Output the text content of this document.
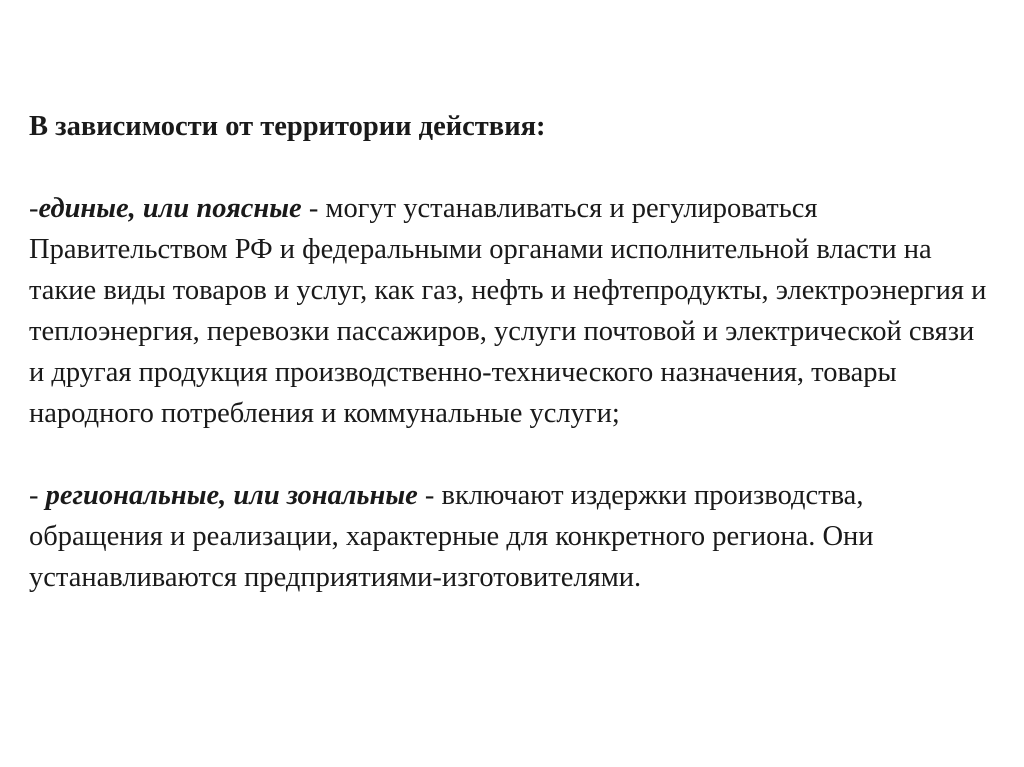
В зависимости от территории действия:

-единые, или поясные - могут устанавливаться и регулироваться Правительством РФ и федеральными органами исполнительной власти на такие виды товаров и услуг, как газ, нефть и нефтепродукты, электроэнергия и теплоэнергия, перевозки пассажиров, услуги почтовой и электрической связи и другая продукция производственно-технического назначения, товары народного потребления и коммунальные услуги;

- региональные, или зональные - включают издержки производства, обращения и реализации, характерные для конкретного региона. Они устанавливаются предприятиями-изготовителями.
